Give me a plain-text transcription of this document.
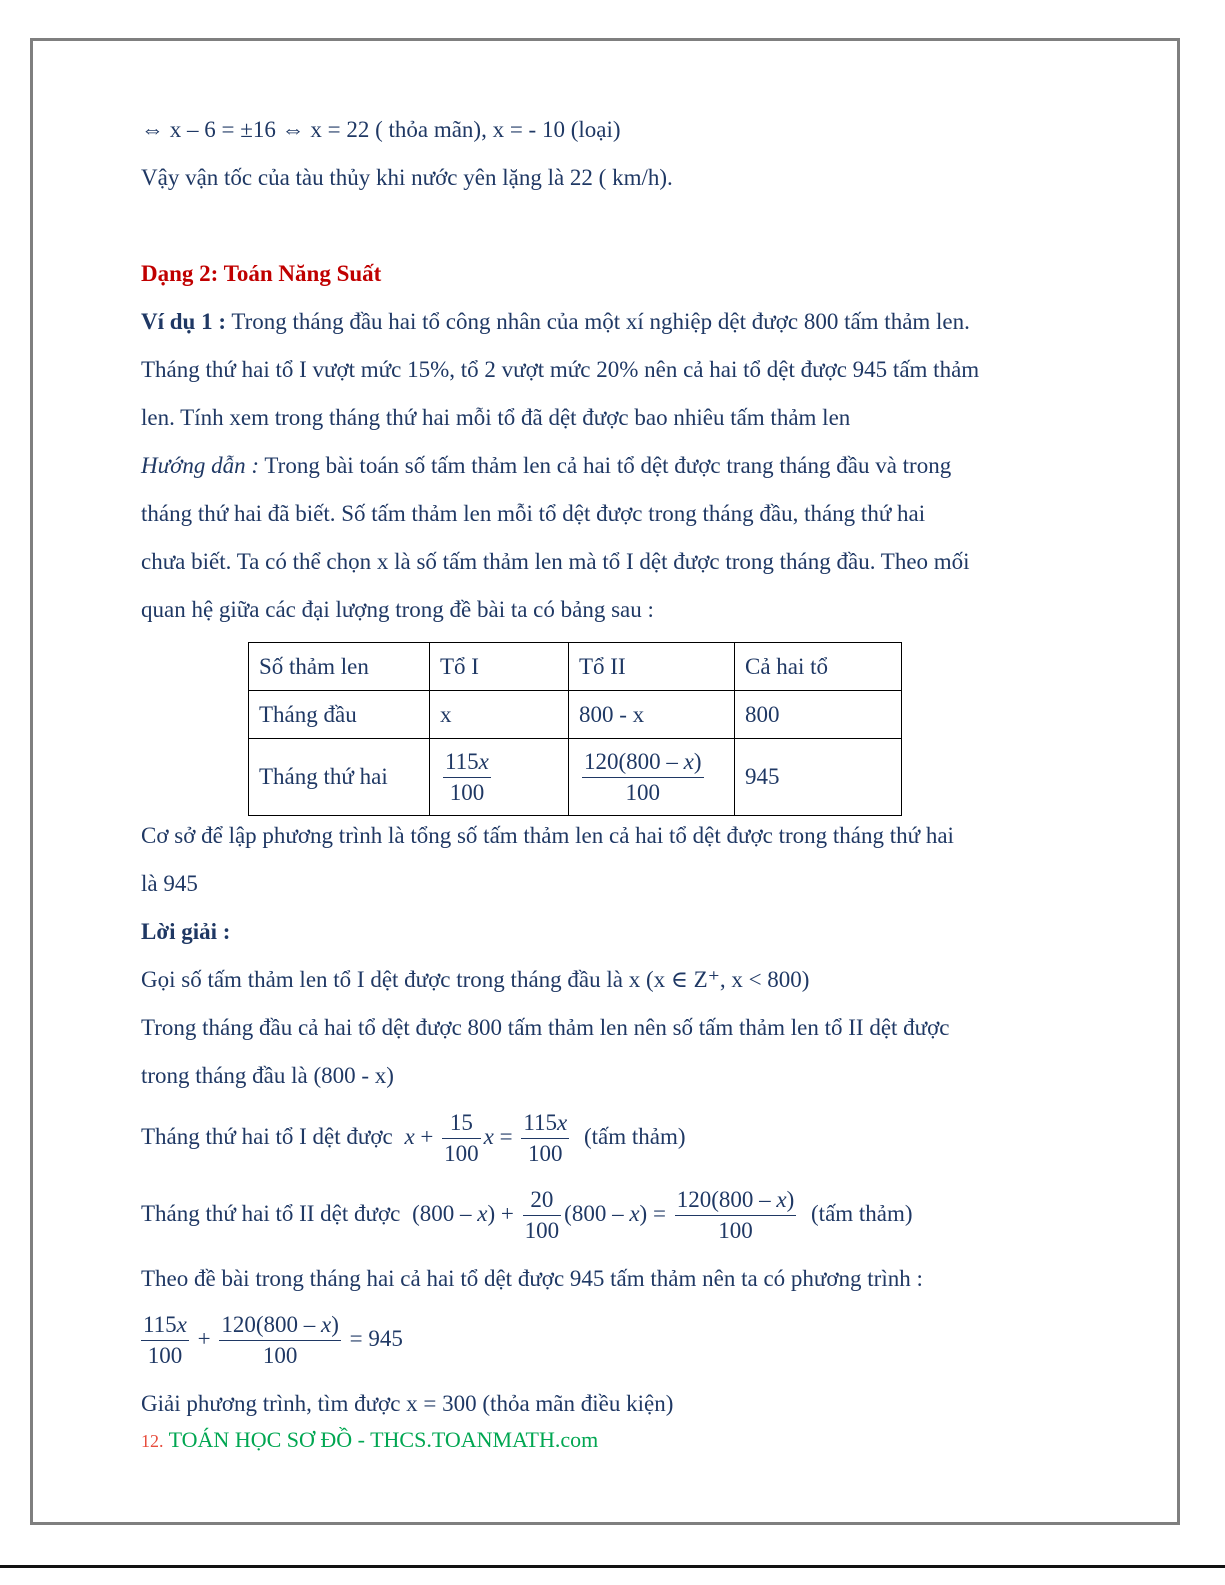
⇔ x – 6 = ±16 ⇔ x = 22 ( thỏa mãn), x = - 10 (loại)
Vậy vận tốc của tàu thủy khi nước yên lặng là 22 ( km/h).
Dạng 2: Toán Năng Suất
Ví dụ 1 : Trong tháng đầu hai tổ công nhân của một xí nghiệp dệt được 800 tấm thảm len.
Tháng thứ hai tổ I vượt mức 15%, tổ 2 vượt mức 20% nên cả hai tổ dệt được 945 tấm thảm
len. Tính xem trong tháng thứ hai mỗi tổ đã dệt được bao nhiêu tấm thảm len
Hướng dẫn : Trong bài toán số tấm thảm len cả hai tổ dệt được trang tháng đầu và trong
tháng thứ hai đã biết. Số tấm thảm len mỗi tổ dệt được trong tháng đầu, tháng thứ hai
chưa biết. Ta có thể chọn x là số tấm thảm len mà tổ I dệt được trong tháng đầu. Theo mối
quan hệ giữa các đại lượng trong đề bài ta có bảng sau :
Số thảm len	Tổ I	Tổ II	Cả hai tổ
Tháng đầu	x	800 - x	800
Tháng thứ hai	$\frac{115x}{100}$	$\frac{120(800 - x)}{100}$	945
Cơ sở để lập phương trình là tổng số tấm thảm len cả hai tổ dệt được trong tháng thứ hai
là 945
Lời giải :
Gọi số tấm thảm len tổ I dệt được trong tháng đầu là x (x ∈ Z⁺, x < 800)
Trong tháng đầu cả hai tổ dệt được 800 tấm thảm len nên số tấm thảm len tổ II dệt được
trong tháng đầu là (800 - x)
Tháng thứ hai tổ I dệt được $x + \frac{15}{100}$ $x = \frac{115x}{100}$ (tấm thảm)
Tháng thứ hai tổ II dệt được $(800 - x) + \frac{20}{100} (800 - x) = \frac{120(800 - x)}{100}$ (tấm thảm)
Theo đề bài trong tháng hai cả hai tổ dệt được 945 tấm thảm nên ta có phương trình :
$\frac{115x}{100} + \frac{120(800 - x)}{100} = 945$
Giải phương trình, tìm được x = 300 (thỏa mãn điều kiện)
12. TOÁN HỌC SƠ ĐỒ - THCS.TOANMATH.com
